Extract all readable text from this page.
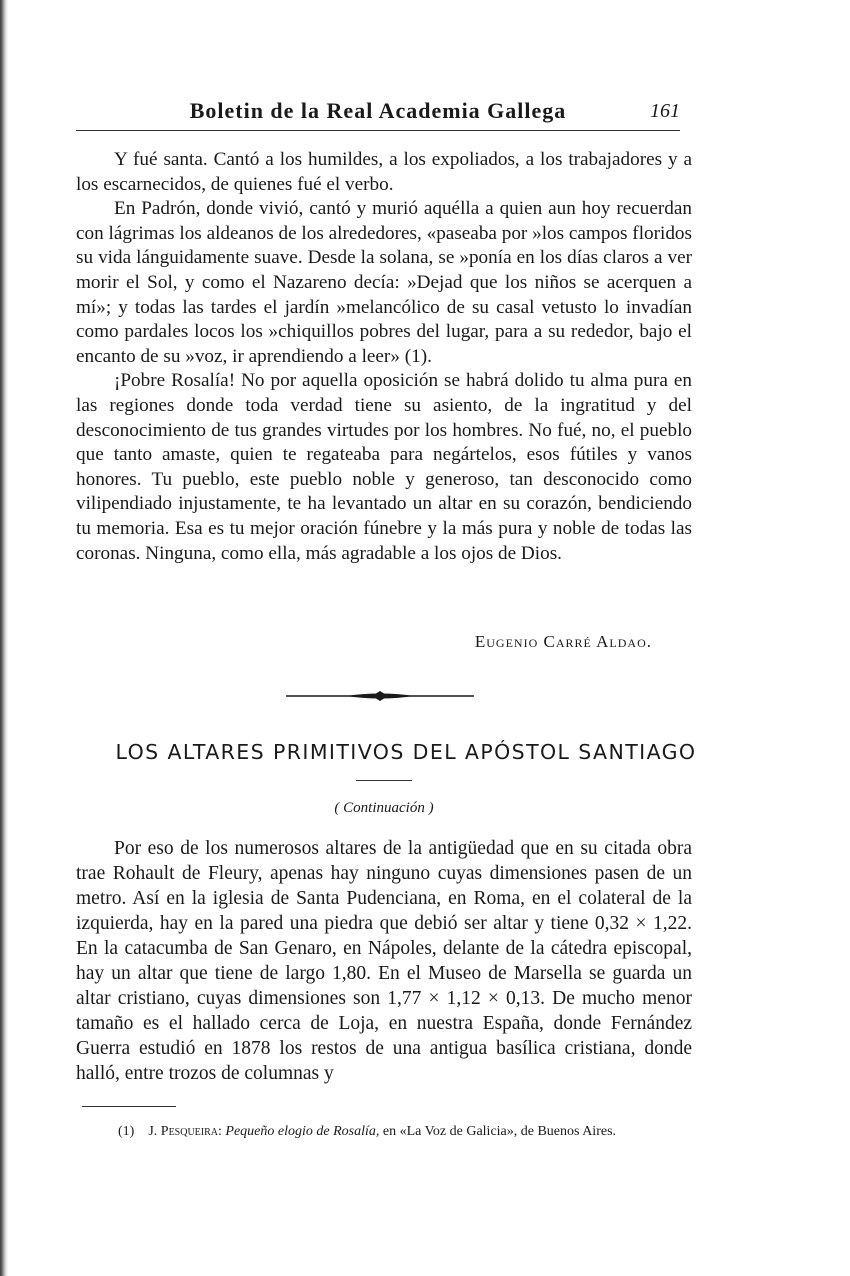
Boletin de la Real Academia Gallega	161

Y fué santa. Cantó a los humildes, a los expoliados, a los trabajadores y a los escarnecidos, de quienes fué el verbo.

En Padrón, donde vivió, cantó y murió aquélla a quien aun hoy recuerdan con lágrimas los aldeanos de los alrededores, «paseaba por »los campos floridos su vida lánguidamente suave. Desde la solana, se »ponía en los días claros a ver morir el Sol, y como el Nazareno decía: »Dejad que los niños se acerquen a mí»; y todas las tardes el jardín »melancólico de su casal vetusto lo invadían como pardales locos los »chiquillos pobres del lugar, para a su rededor, bajo el encanto de su »voz, ir aprendiendo a leer» (1).

¡Pobre Rosalía! No por aquella oposición se habrá dolido tu alma pura en las regiones donde toda verdad tiene su asiento, de la ingratitud y del desconocimiento de tus grandes virtudes por los hombres. No fué, no, el pueblo que tanto amaste, quien te regateaba para negártelos, esos fútiles y vanos honores. Tu pueblo, este pueblo noble y generoso, tan desconocido como vilipendiado injustamente, te ha levantado un altar en su corazón, bendiciendo tu memoria. Esa es tu mejor oración fúnebre y la más pura y noble de todas las coronas. Ninguna, como ella, más agradable a los ojos de Dios.

Eugenio Carré Aldao.
LOS ALTARES PRIMITIVOS DEL APÓSTOL SANTIAGO
( Continuación )

Por eso de los numerosos altares de la antigüedad que en su citada obra trae Rohault de Fleury, apenas hay ninguno cuyas dimensiones pasen de un metro. Así en la iglesia de Santa Pudenciana, en Roma, en el colateral de la izquierda, hay en la pared una piedra que debió ser altar y tiene 0,32 × 1,22. En la catacumba de San Genaro, en Nápoles, delante de la cátedra episcopal, hay un altar que tiene de largo 1,80. En el Museo de Marsella se guarda un altar cristiano, cuyas dimensiones son 1,77 × 1,12 × 0,13. De mucho menor tamaño es el hallado cerca de Loja, en nuestra España, donde Fernández Guerra estudió en 1878 los restos de una antigua basílica cristiana, donde halló, entre trozos de columnas y

(1) J. Pesqueira: Pequeño elogio de Rosalía, en «La Voz de Galicia», de Buenos Aires.
